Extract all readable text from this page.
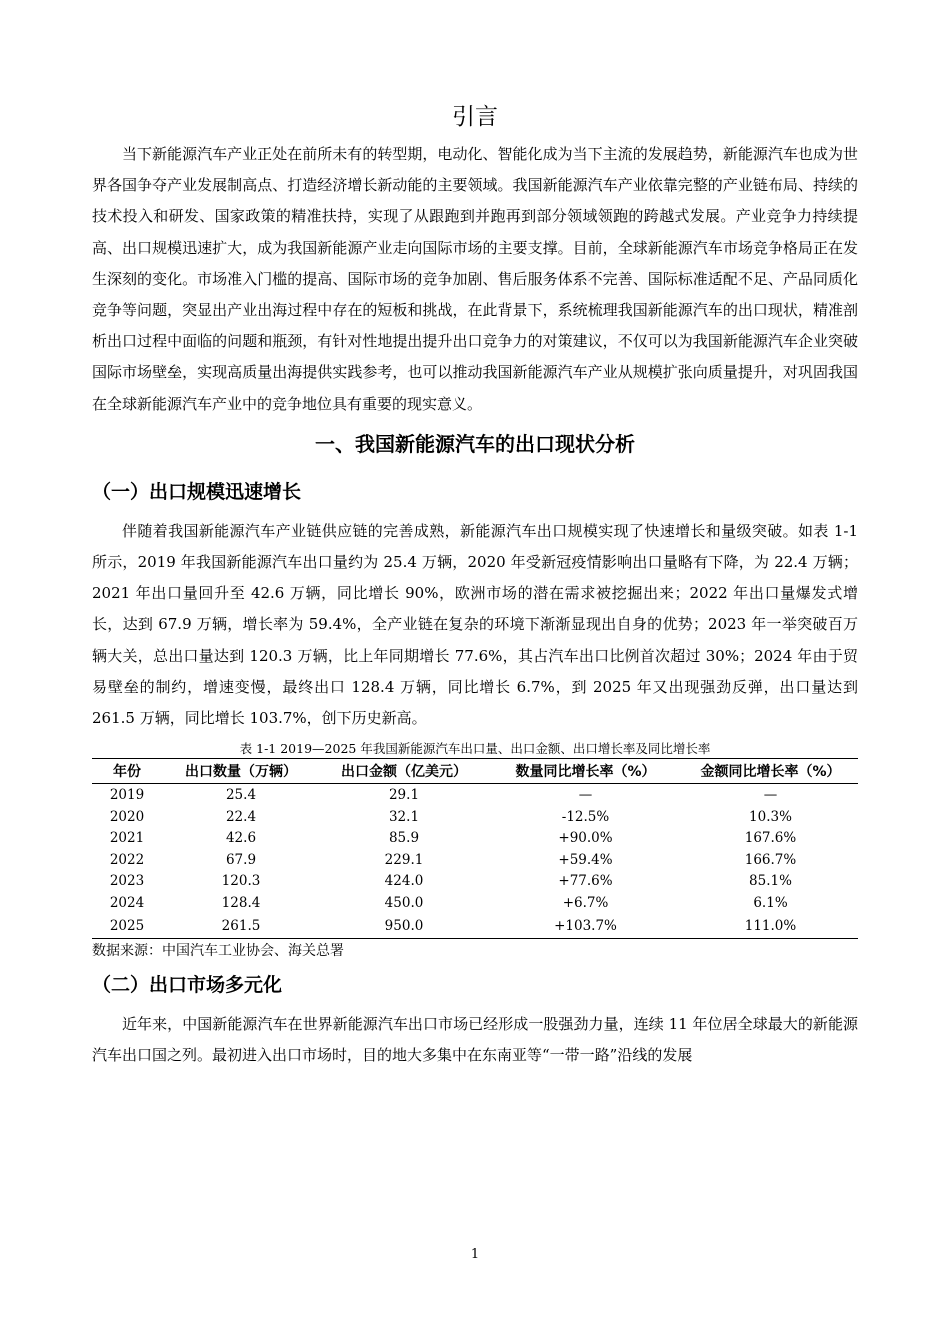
引言

当下新能源汽车产业正处在前所未有的转型期，电动化、智能化成为当下主流的发展趋势，新能源汽车也成为世界各国争夺产业发展制高点、打造经济增长新动能的主要领域。我国新能源汽车产业依靠完整的产业链布局、持续的技术投入和研发、国家政策的精准扶持，实现了从跟跑到并跑再到部分领域领跑的跨越式发展。产业竞争力持续提高、出口规模迅速扩大，成为我国新能源产业走向国际市场的主要支撑。目前，全球新能源汽车市场竞争格局正在发生深刻的变化。市场准入门槛的提高、国际市场的竞争加剧、售后服务体系不完善、国际标准适配不足、产品同质化竞争等问题，突显出产业出海过程中存在的短板和挑战，在此背景下，系统梳理我国新能源汽车的出口现状，精准剖析出口过程中面临的问题和瓶颈，有针对性地提出提升出口竞争力的对策建议，不仅可以为我国新能源汽车企业突破国际市场壁垒，实现高质量出海提供实践参考，也可以推动我国新能源汽车产业从规模扩张向质量提升，对巩固我国在全球新能源汽车产业中的竞争地位具有重要的现实意义。

一、我国新能源汽车的出口现状分析
（一）出口规模迅速增长

伴随着我国新能源汽车产业链供应链的完善成熟，新能源汽车出口规模实现了快速增长和量级突破。如表 1-1 所示，2019 年我国新能源汽车出口量约为 25.4 万辆，2020 年受新冠疫情影响出口量略有下降，为 22.4 万辆；2021 年出口量回升至 42.6 万辆，同比增长 90%，欧洲市场的潜在需求被挖掘出来；2022 年出口量爆发式增长，达到 67.9 万辆，增长率为 59.4%，全产业链在复杂的环境下渐渐显现出自身的优势；2023 年一举突破百万辆大关，总出口量达到 120.3 万辆，比上年同期增长 77.6%，其占汽车出口比例首次超过 30%；2024 年由于贸易壁垒的制约，增速变慢，最终出口 128.4 万辆，同比增长 6.7%，到 2025 年又出现强劲反弹，出口量达到 261.5 万辆，同比增长 103.7%，创下历史新高。

表 1-1 2019—2025 年我国新能源汽车出口量、出口金额、出口增长率及同比增长率
年份	出口数量（万辆）	出口金额（亿美元）	数量同比增长率（%）	金额同比增长率（%）
2019	25.4	29.1	—	—
2020	22.4	32.1	-12.5%	10.3%
2021	42.6	85.9	+90.0%	167.6%
2022	67.9	229.1	+59.4%	166.7%
2023	120.3	424.0	+77.6%	85.1%
2024	128.4	450.0	+6.7%	6.1%
2025	261.5	950.0	+103.7%	111.0%
数据来源：中国汽车工业协会、海关总署
（二）出口市场多元化

近年来，中国新能源汽车在世界新能源汽车出口市场已经形成一股强劲力量，连续 11 年位居全球最大的新能源汽车出口国之列。最初进入出口市场时，目的地大多集中在东南亚等“一带一路”沿线的发展

1
